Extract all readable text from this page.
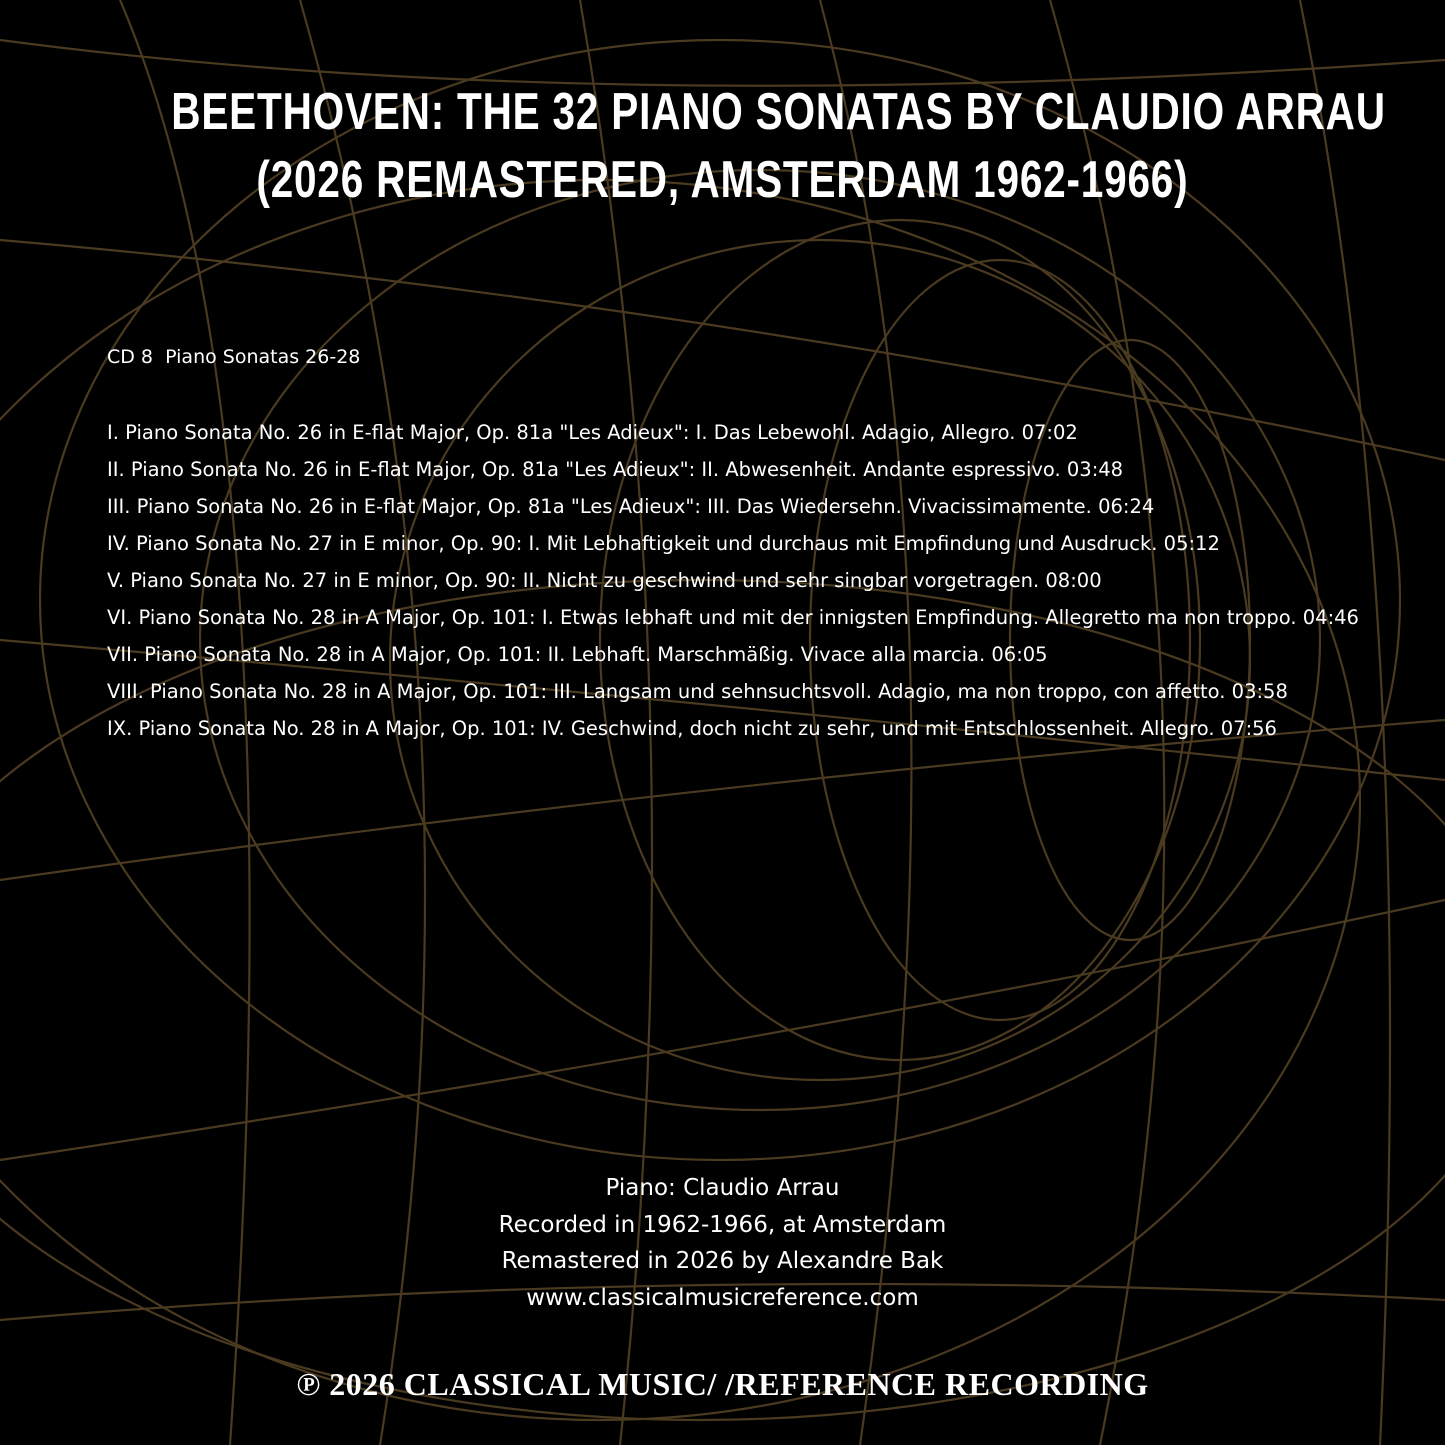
BEETHOVEN: THE 32 PIANO SONATAS BY CLAUDIO ARRAU
(2026 REMASTERED, AMSTERDAM 1962-1966)
CD 8  Piano Sonatas 26-28
I. Piano Sonata No. 26 in E-flat Major, Op. 81a "Les Adieux": I. Das Lebewohl. Adagio, Allegro. 07:02
II. Piano Sonata No. 26 in E-flat Major, Op. 81a "Les Adieux": II. Abwesenheit. Andante espressivo. 03:48
III. Piano Sonata No. 26 in E-flat Major, Op. 81a "Les Adieux": III. Das Wiedersehn. Vivacissimamente. 06:24
IV. Piano Sonata No. 27 in E minor, Op. 90: I. Mit Lebhaftigkeit und durchaus mit Empfindung und Ausdruck. 05:12
V. Piano Sonata No. 27 in E minor, Op. 90: II. Nicht zu geschwind und sehr singbar vorgetragen. 08:00
VI. Piano Sonata No. 28 in A Major, Op. 101: I. Etwas lebhaft und mit der innigsten Empfindung. Allegretto ma non troppo. 04:46
VII. Piano Sonata No. 28 in A Major, Op. 101: II. Lebhaft. Marschmäßig. Vivace alla marcia. 06:05
VIII. Piano Sonata No. 28 in A Major, Op. 101: III. Langsam und sehnsuchtsvoll. Adagio, ma non troppo, con affetto. 03:58
IX. Piano Sonata No. 28 in A Major, Op. 101: IV. Geschwind, doch nicht zu sehr, und mit Entschlossenheit. Allegro. 07:56
Piano: Claudio Arrau
Recorded in 1962-1966, at Amsterdam
Remastered in 2026 by Alexandre Bak
www.classicalmusicreference.com
℗ 2026 CLASSICAL MUSIC/ /REFERENCE RECORDING
